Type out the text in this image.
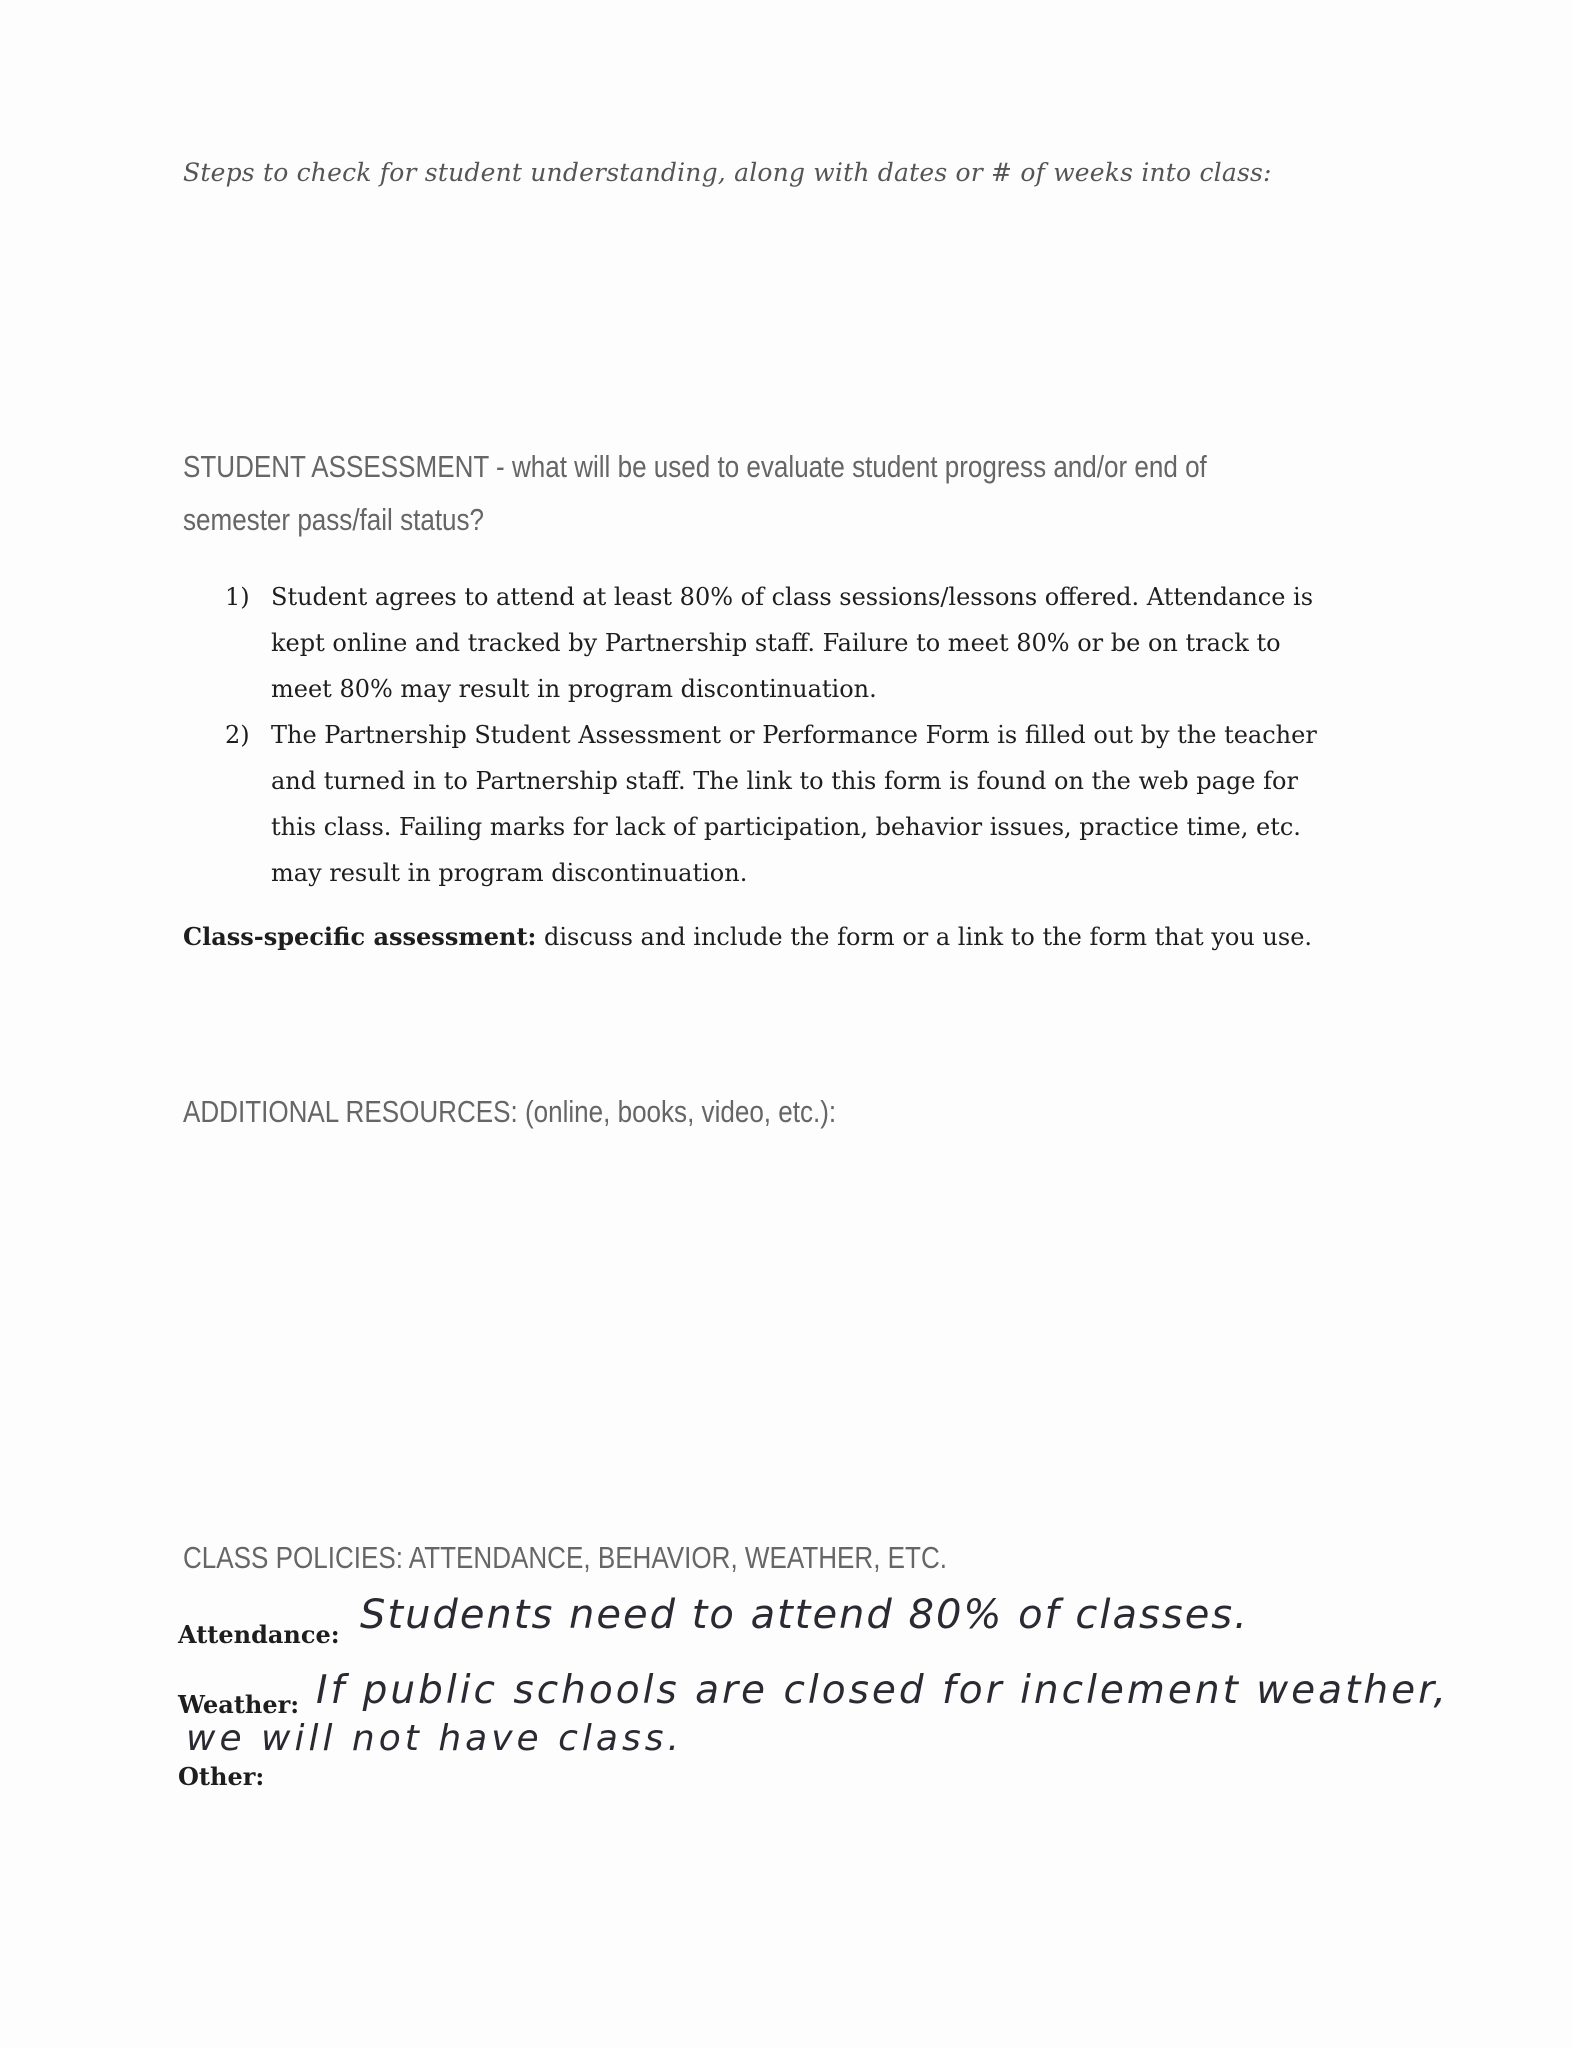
Steps to check for student understanding, along with dates or # of weeks into class:
STUDENT ASSESSMENT - what will be used to evaluate student progress and/or end of semester pass/fail status?
1) Student agrees to attend at least 80% of class sessions/lessons offered. Attendance is kept online and tracked by Partnership staff. Failure to meet 80% or be on track to meet 80% may result in program discontinuation.
2) The Partnership Student Assessment or Performance Form is filled out by the teacher and turned in to Partnership staff. The link to this form is found on the web page for this class. Failing marks for lack of participation, behavior issues, practice time, etc. may result in program discontinuation.
Class-specific assessment: discuss and include the form or a link to the form that you use.
ADDITIONAL RESOURCES: (online, books, video, etc.):
CLASS POLICIES: ATTENDANCE, BEHAVIOR, WEATHER, ETC.
Attendance: Students need to attend 80% of classes.
Weather: If public schools are closed for inclement weather,
we will not have class.
Other:
